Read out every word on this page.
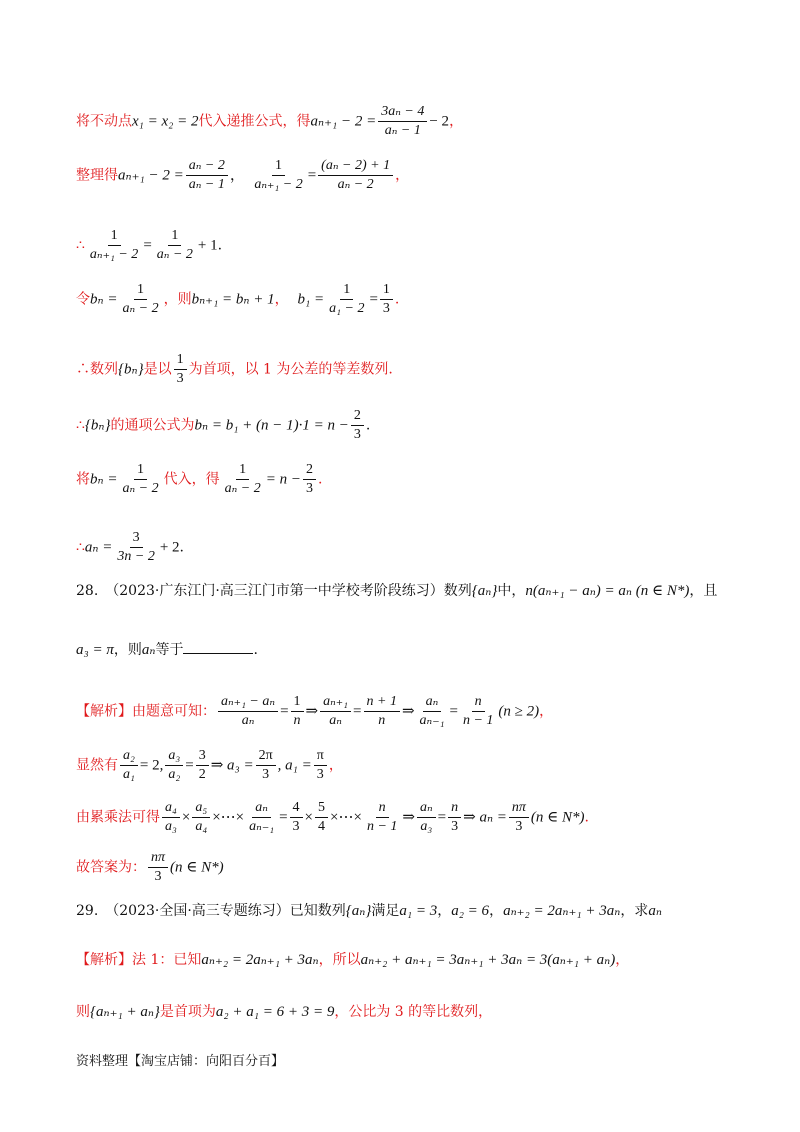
将不动点x₁ = x₂ = 2代入递推公式，得$a_{n+1} - 2 = \frac{\text{3aₙ − 4}}{\text{aₙ − 1}} - 2$，
整理得$a_{n+1} - 2 = \frac{\text{aₙ − 2}}{\text{aₙ − 1}}$ ， $\frac{1}{\text{aₙ₊₁ − 2}} = \frac{\text{(aₙ − 2) + 1}}{\text{aₙ − 2}}$ ，
∴ $\frac{1}{\text{aₙ₊₁ − 2}} = \frac{1}{\text{aₙ − 2}} + 1$.
令$b_n = \frac{1}{\text{aₙ − 2}}$ ，则bₙ₊₁ = bₙ + 1， $b_1 = \frac{1}{\text{a₁ − 2}} = \frac{1}{3}$ .
∴数列{bₙ}是以 $\frac{1}{3}$ 为首项，以 1 为公差的等差数列.
∴{bₙ}的通项公式为$b_n = b_1 + (n - 1)\cdot 1 = n - \frac{2}{3}$ .
将$b_n = \frac{1}{\text{aₙ − 2}}$ 代入，得 $\frac{1}{\text{aₙ − 2}} = n - \frac{2}{3}$ .
∴aₙ = $\frac{3}{3n - 2} + 2$.
28.　（2023·广东江门·高三江门市第一中学校考阶段练习）数列{aₙ}中，n(aₙ₊₁ − aₙ) = aₙ (n ∈ N*)，且
a₃ = π，则aₙ等于	.
【解析】由题意可知： $\frac{\text{aₙ₊₁ − aₙ}}{\text{aₙ}} = \frac{1}{n}$ ⇒ $\frac{\text{aₙ₊₁}}{\text{aₙ}} = \frac{n + 1}{n}$ ⇒ $\frac{\text{aₙ}}{\text{aₙ₋₁}} = \frac{n}{n - 1} (n \ge 2)$，
显然有 $\frac{\text{a₂}}{\text{a₁}} = 2$, $\frac{\text{a₃}}{\text{a₂}} = \frac{3}{2}$ ⇒ $a_3 = \frac{2\pi}{3}$ , $a_1 = \frac{\pi}{3}$ ，
由累乘法可得 $\frac{\text{a₄}}{\text{a₃}} \times \frac{\text{a₅}}{\text{a₄}}$ ×⋯× $\frac{\text{aₙ}}{\text{aₙ₋₁}} = \frac{4}{3} \times \frac{5}{4}$ ×⋯× $\frac{n}{n - 1}$ ⇒ $\frac{\text{aₙ}}{\text{a₃}} = \frac{n}{3}$ ⇒ $a_n = \frac{n\pi}{3} (n$ ∈ N*).
故答案为： $\frac{n\pi}{3} (n$ ∈ N*)
29.　（2023·全国·高三专题练习）已知数列{aₙ}满足a₁ = 3，a₂ = 6，aₙ₊₂ = 2aₙ₊₁ + 3aₙ，求aₙ
【解析】法 1：已知aₙ₊₂ = 2aₙ₊₁ + 3aₙ，所以aₙ₊₂ + aₙ₊₁ = 3aₙ₊₁ + 3aₙ = 3(aₙ₊₁ + aₙ)，
则{aₙ₊₁ + aₙ}是首项为a₂ + a₁ = 6 + 3 = 9，公比为 3 的等比数列，
资料整理【淘宝店铺：向阳百分百】
